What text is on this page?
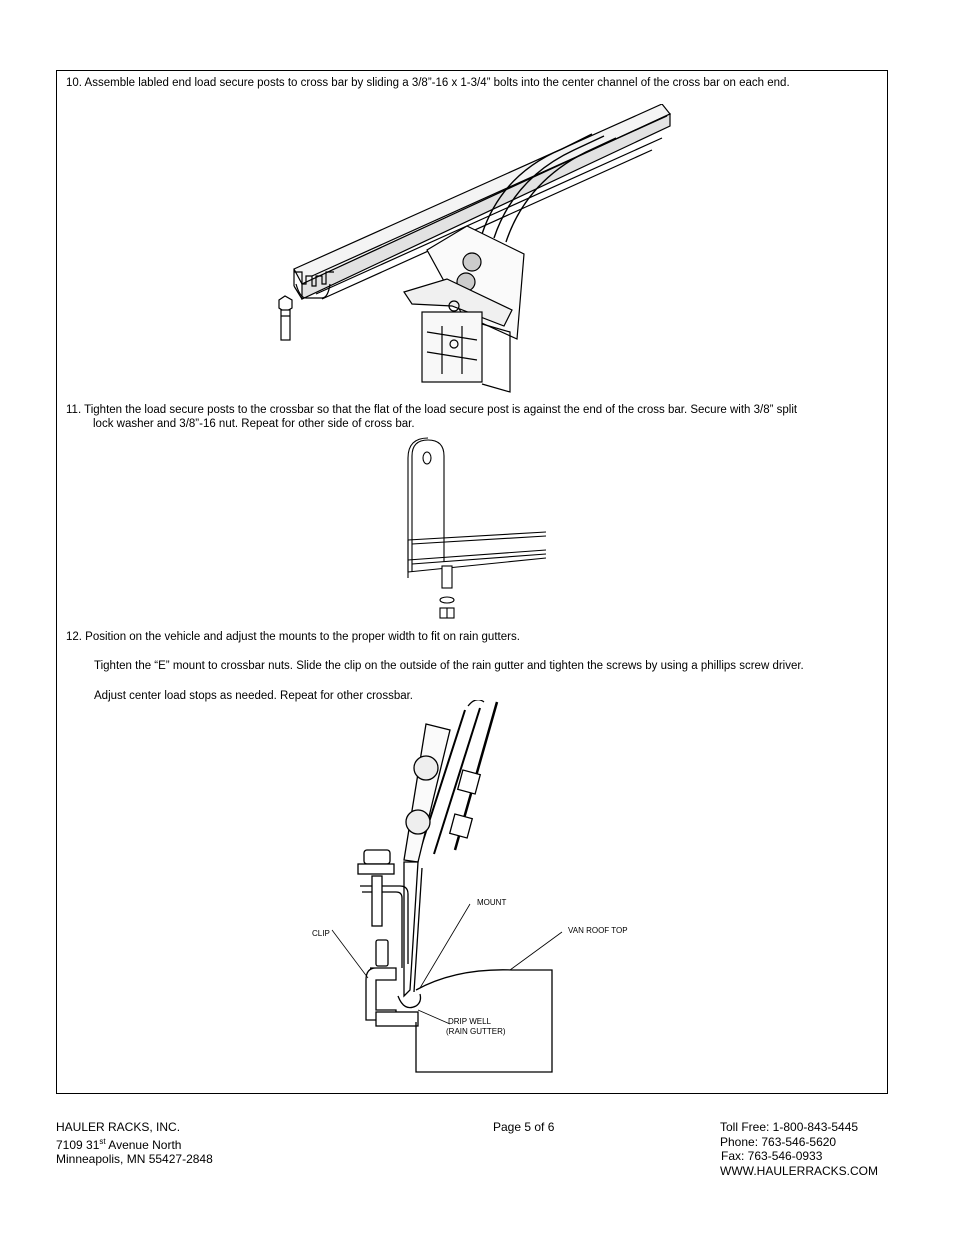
10. Assemble labled end load secure posts to cross bar by sliding a 3/8”-16 x 1-3/4” bolts into the center channel of the cross bar on each end.
11. Tighten the load secure posts to the crossbar so that the flat of the load secure post is against the end of the cross bar. Secure with 3/8” split
lock washer and 3/8”-16 nut. Repeat for other side of cross bar.
12. Position on the vehicle and adjust the mounts to the proper width to fit on rain gutters.
Tighten the “E” mount to crossbar nuts. Slide the clip on the outside of the rain gutter and tighten the screws by using a phillips screw driver.
Adjust center load stops as needed. Repeat for other crossbar.
CLIP
MOUNT
VAN ROOF TOP
DRIP WELL
(RAIN GUTTER)
HAULER RACKS, INC.
7109 31st Avenue North
Minneapolis, MN 55427-2848
Page 5 of 6	Toll Free: 1-800-843-5445
Phone: 763-546-5620
Fax: 763-546-0933
WWW.HAULERRACKS.COM
